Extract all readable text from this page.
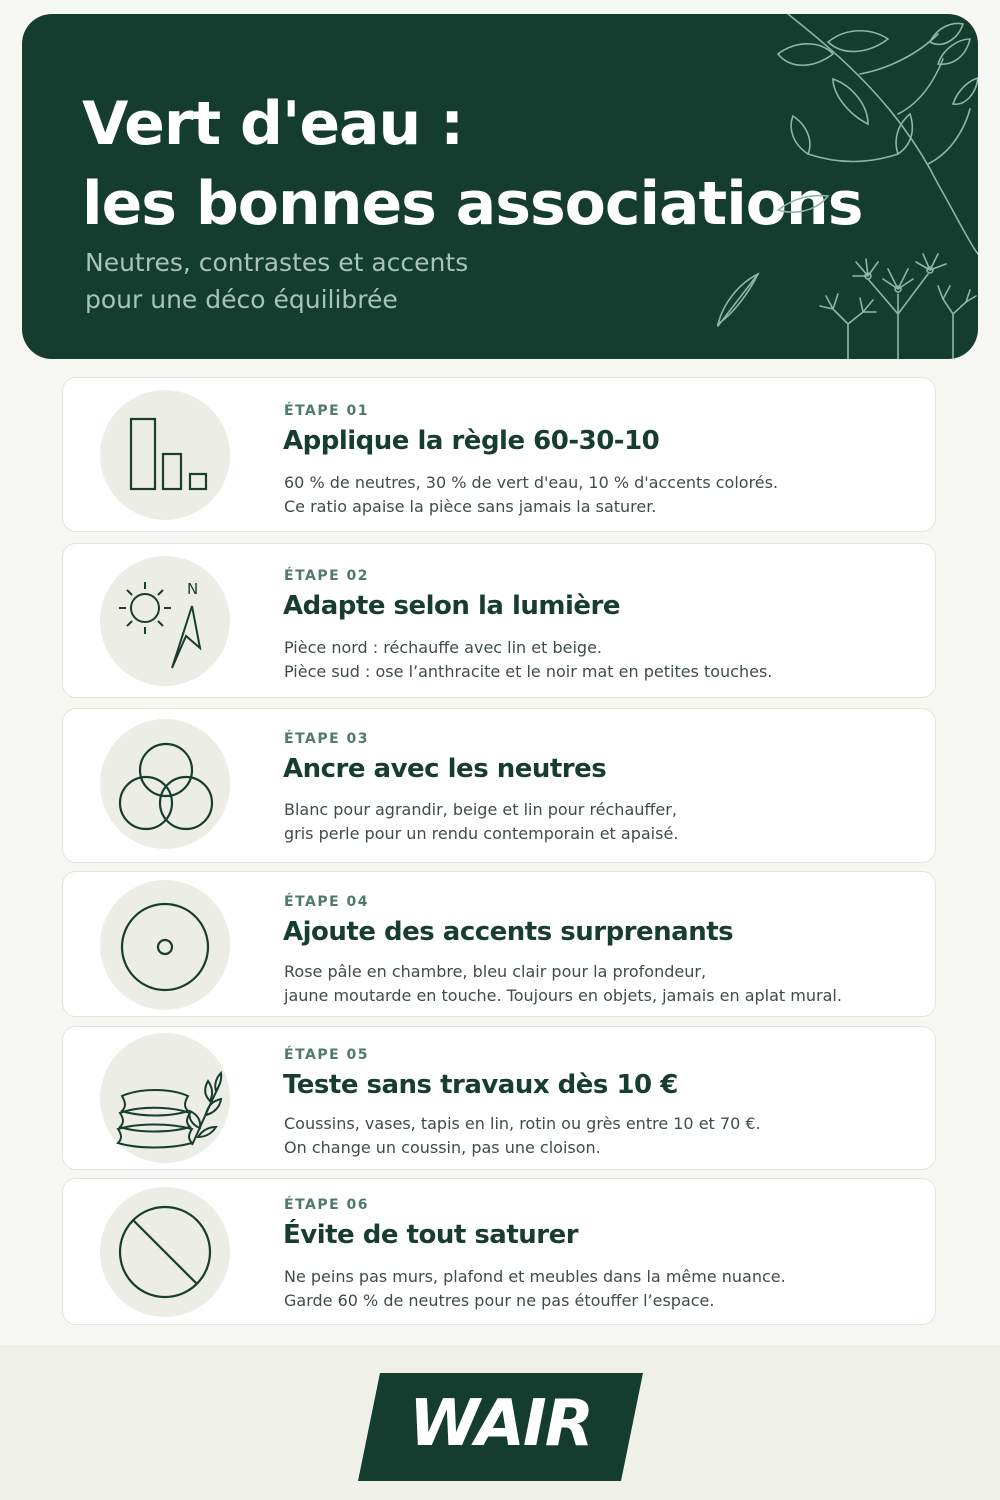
Vert d'eau :
les bonnes associations

Neutres, contrastes et accents
pour une déco équilibrée

ÉTAPE 01
Applique la règle 60-30-10
60 % de neutres, 30 % de vert d'eau, 10 % d'accents colorés.
Ce ratio apaise la pièce sans jamais la saturer.
N
ÉTAPE 02
Adapte selon la lumière
Pièce nord : réchauffe avec lin et beige.
Pièce sud : ose l’anthracite et le noir mat en petites touches.
ÉTAPE 03
Ancre avec les neutres
Blanc pour agrandir, beige et lin pour réchauffer,
gris perle pour un rendu contemporain et apaisé.
ÉTAPE 04
Ajoute des accents surprenants
Rose pâle en chambre, bleu clair pour la profondeur,
jaune moutarde en touche. Toujours en objets, jamais en aplat mural.
ÉTAPE 05
Teste sans travaux dès 10 €
Coussins, vases, tapis en lin, rotin ou grès entre 10 et 70 €.
On change un coussin, pas une cloison.
ÉTAPE 06
Évite de tout saturer
Ne peins pas murs, plafond et meubles dans la même nuance.
Garde 60 % de neutres pour ne pas étouffer l’espace.
WAIR
